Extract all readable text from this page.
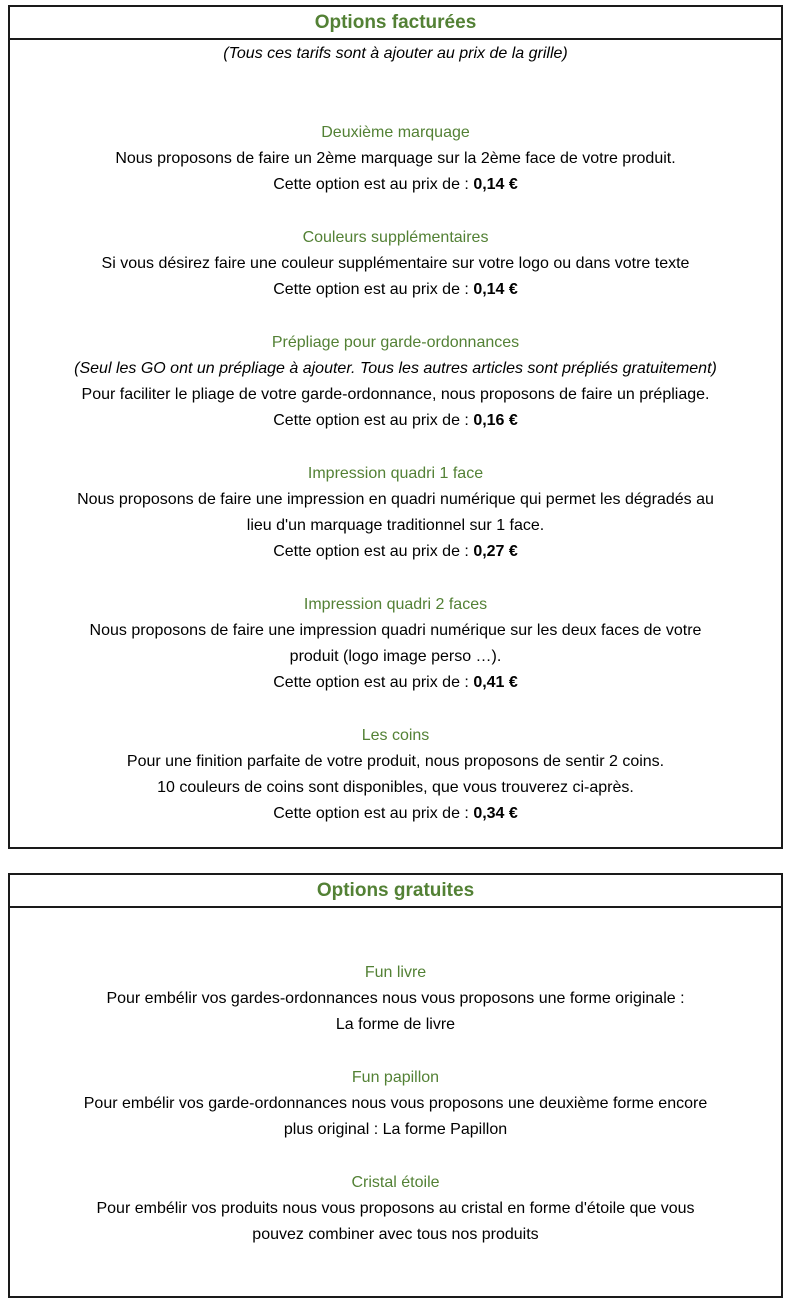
Options facturées
(Tous ces tarifs sont à ajouter au prix de la grille)
Deuxième marquage
Nous proposons de faire un 2ème marquage sur la 2ème face de votre produit.
Cette option est au prix de : 0,14 €
Couleurs supplémentaires
Si vous désirez faire une couleur supplémentaire sur votre logo ou dans votre texte
Cette option est au prix de : 0,14 €
Prépliage pour garde-ordonnances
(Seul les GO ont un prépliage à ajouter. Tous les autres articles sont prépliés gratuitement)
Pour faciliter le pliage de votre garde-ordonnance, nous proposons de faire un prépliage.
Cette option est au prix de : 0,16 €
Impression quadri 1 face
Nous proposons de faire une impression en quadri numérique qui permet les dégradés au
lieu d'un marquage traditionnel sur 1 face.
Cette option est au prix de : 0,27 €
Impression quadri 2 faces
Nous proposons de faire une impression quadri numérique sur les deux faces de votre
produit (logo image perso …).
Cette option est au prix de : 0,41 €
Les coins
Pour une finition parfaite de votre produit, nous proposons de sentir 2 coins.
10 couleurs de coins sont disponibles, que vous trouverez ci-après.
Cette option est au prix de : 0,34 €
Options gratuites
Fun livre
Pour embélir vos gardes-ordonnances nous vous proposons une forme originale :
La forme de livre
Fun papillon
Pour embélir vos garde-ordonnances nous vous proposons une deuxième forme encore
plus original : La forme Papillon
Cristal étoile
Pour embélir vos produits nous vous proposons au cristal en forme d'étoile que vous
pouvez combiner avec tous nos produits
